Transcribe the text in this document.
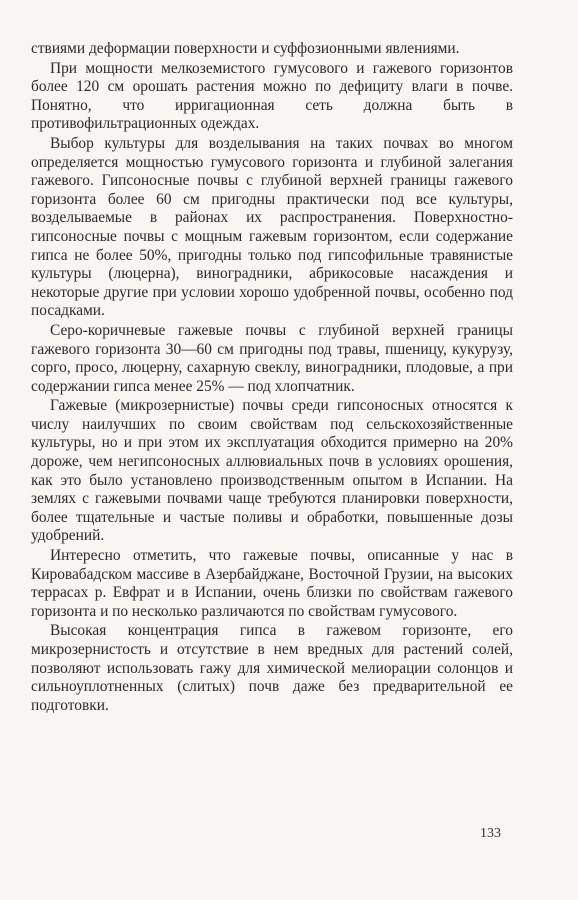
ствиями деформации поверхности и суффозионными явлениями.

При мощности мелкоземистого гумусового и гажевого горизонтов более 120 см орошать растения можно по дефициту влаги в почве. Понятно, что ирригационная сеть должна быть в противофильтрационных одеждах.

Выбор культуры для возделывания на таких почвах во многом определяется мощностью гумусового горизонта и глубиной залегания гажевого. Гипсоносные почвы с глубиной верхней границы гажевого горизонта более 60 см пригодны практически под все культуры, возделываемые в районах их распространения. Поверхностно-гипсоносные почвы с мощным гажевым горизонтом, если содержание гипса не более 50%, пригодны только под гипсофильные травянистые культуры (люцерна), виноградники, абрикосовые насаждения и некоторые другие при условии хорошо удобренной почвы, особенно под посадками.

Серо-коричневые гажевые почвы с глубиной верхней границы гажевого горизонта 30—60 см пригодны под травы, пшеницу, кукурузу, сорго, просо, люцерну, сахарную свеклу, виноградники, плодовые, а при содержании гипса менее 25% — под хлопчатник.

Гажевые (микрозернистые) почвы среди гипсоносных относятся к числу наилучших по своим свойствам под сельскохозяйственные культуры, но и при этом их эксплуатация обходится примерно на 20% дороже, чем негипсоносных аллювиальных почв в условиях орошения, как это было установлено производственным опытом в Испании. На землях с гажевыми почвами чаще требуются планировки поверхности, более тщательные и частые поливы и обработки, повышенные дозы удобрений.

Интересно отметить, что гажевые почвы, описанные у нас в Кировабадском массиве в Азербайджане, Восточной Грузии, на высоких террасах р. Евфрат и в Испании, очень близки по свойствам гажевого горизонта и по несколько различаются по свойствам гумусового.

Высокая концентрация гипса в гажевом горизонте, его микрозернистость и отсутствие в нем вредных для растений солей, позволяют использовать гажу для химической мелиорации солонцов и сильноуплотненных (слитых) почв даже без предварительной ее подготовки.

133
